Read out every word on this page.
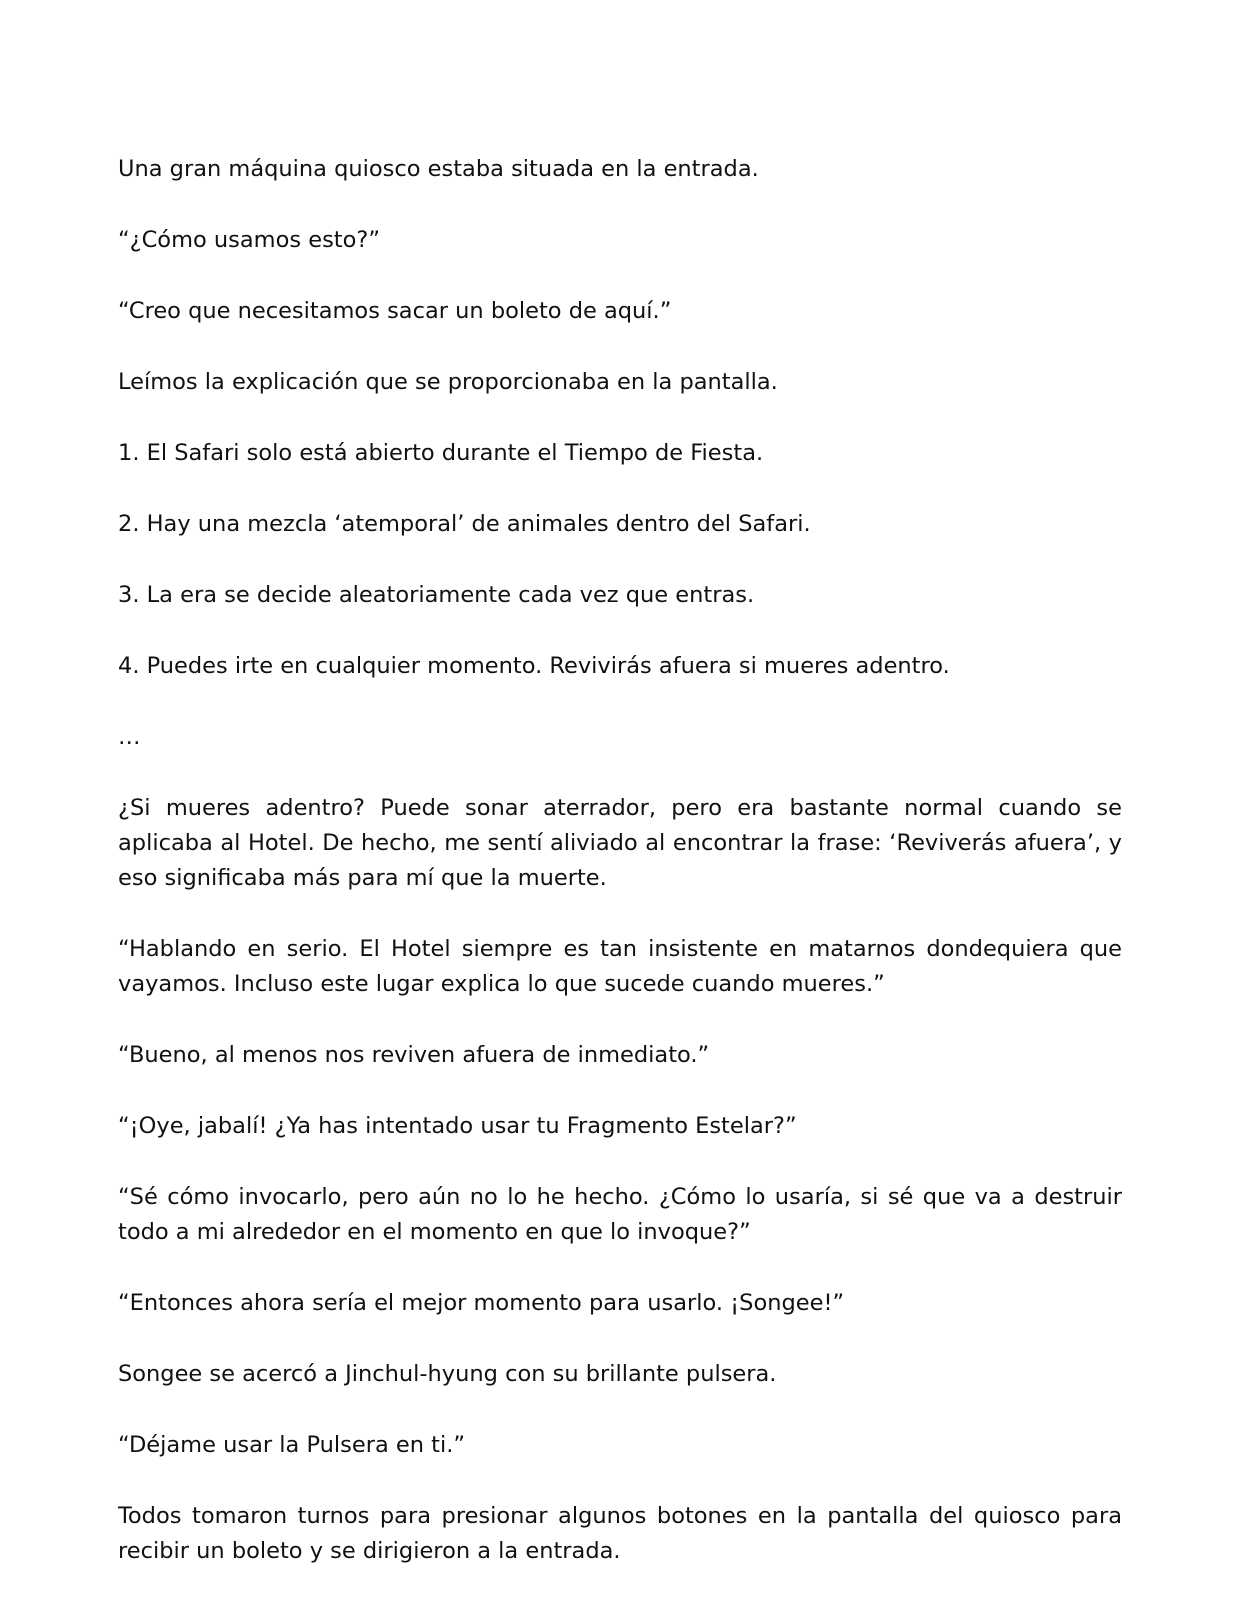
Una gran máquina quiosco estaba situada en la entrada.

“¿Cómo usamos esto?”

“Creo que necesitamos sacar un boleto de aquí.”

Leímos la explicación que se proporcionaba en la pantalla.

1. El Safari solo está abierto durante el Tiempo de Fiesta.

2. Hay una mezcla ‘atemporal’ de animales dentro del Safari.

3. La era se decide aleatoriamente cada vez que entras.

4. Puedes irte en cualquier momento. Revivirás afuera si mueres adentro.

…

¿Si mueres adentro? Puede sonar aterrador, pero era bastante normal cuando se aplicaba al Hotel. De hecho, me sentí aliviado al encontrar la frase: ‘Reviverás afuera’, y eso significaba más para mí que la muerte.

“Hablando en serio. El Hotel siempre es tan insistente en matarnos dondequiera que vayamos. Incluso este lugar explica lo que sucede cuando mueres.”

“Bueno, al menos nos reviven afuera de inmediato.”

“¡Oye, jabalí! ¿Ya has intentado usar tu Fragmento Estelar?”

“Sé cómo invocarlo, pero aún no lo he hecho. ¿Cómo lo usaría, si sé que va a destruir todo a mi alrededor en el momento en que lo invoque?”

“Entonces ahora sería el mejor momento para usarlo. ¡Songee!”

Songee se acercó a Jinchul-hyung con su brillante pulsera.

“Déjame usar la Pulsera en ti.”

Todos tomaron turnos para presionar algunos botones en la pantalla del quiosco para recibir un boleto y se dirigieron a la entrada.
